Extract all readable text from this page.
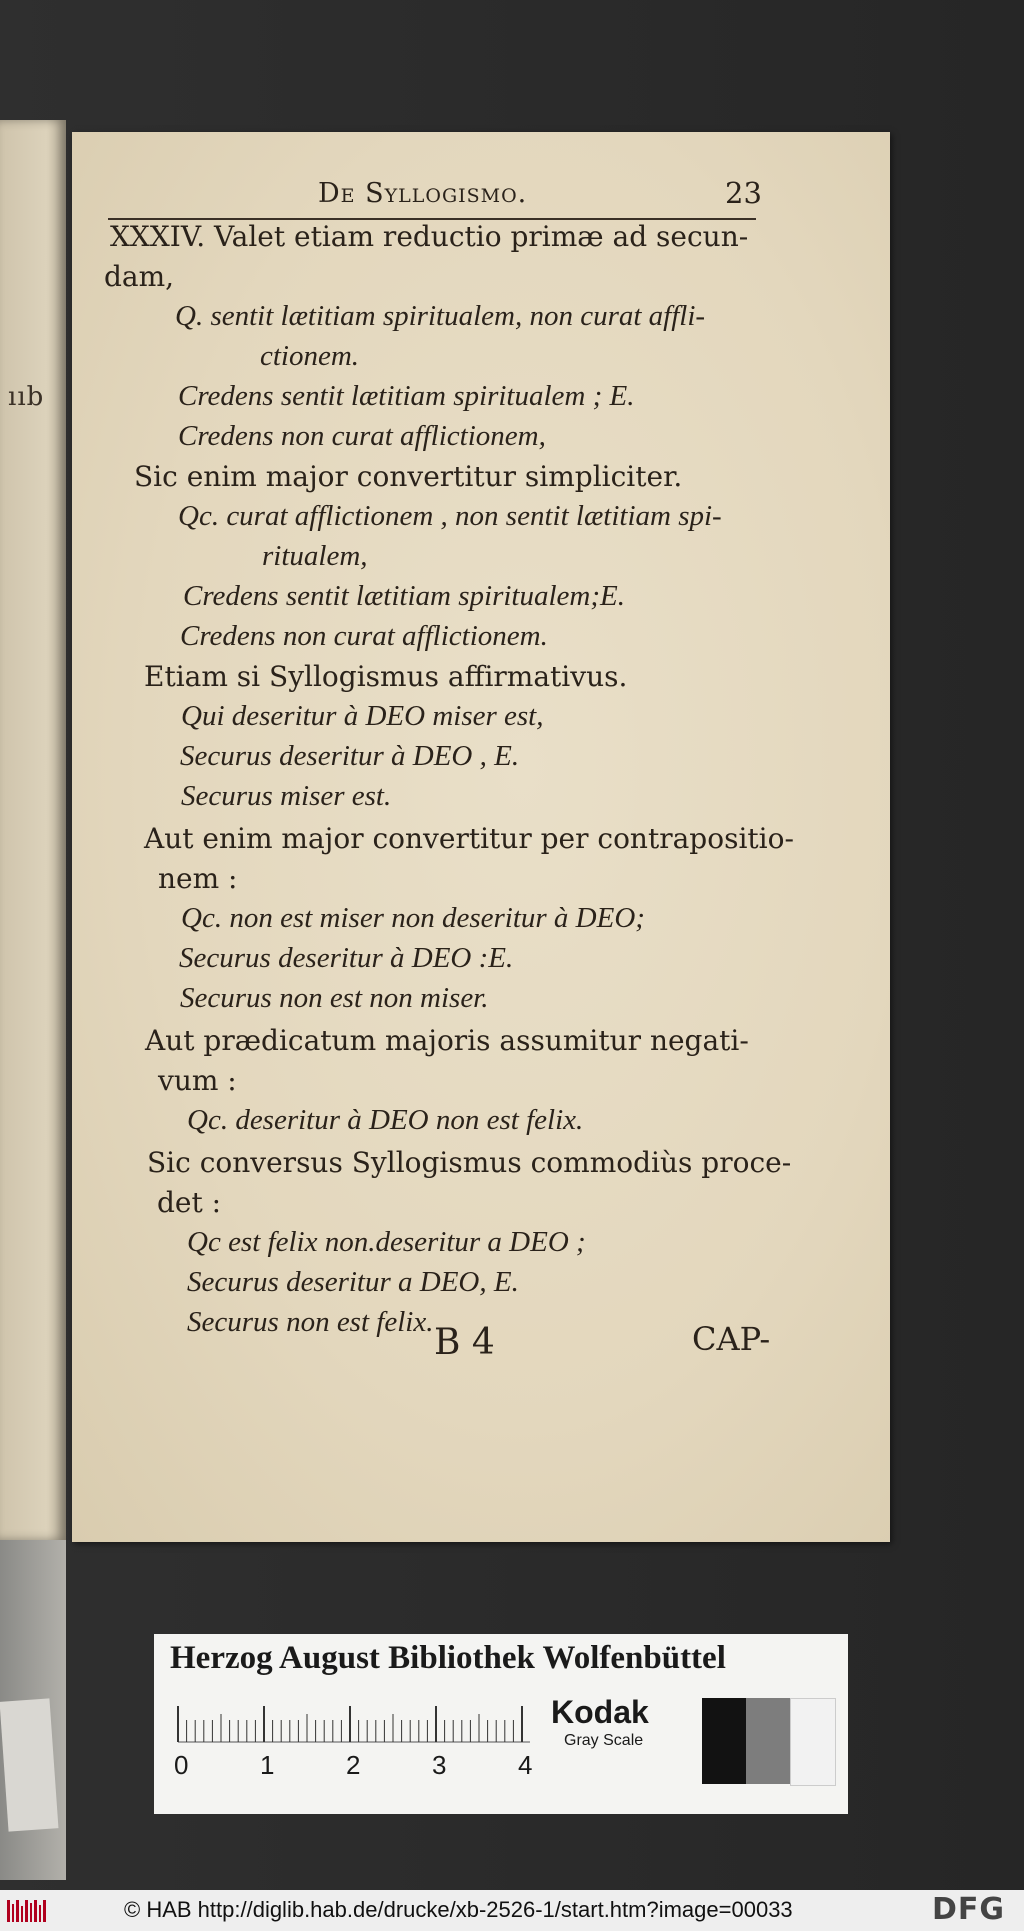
ııb
De Syllogismo.	23
XXXIV. Valet etiam reductio primæ ad secun-
dam,
Q. sentit lætitiam spiritualem, non curat affli-
ctionem.
Credens sentit lætitiam spiritualem ; E.
Credens non curat afflictionem,
Sic enim major convertitur simpliciter.
Qc. curat afflictionem , non sentit lætitiam spi-
ritualem,
Credens sentit lætitiam spiritualem;E.
Credens non curat afflictionem.
Etiam si Syllogismus affirmativus.
Qui deseritur à DEO miser est,
Securus deseritur à DEO , E.
Securus miser est.
Aut enim major convertitur per contrapositio-
nem :
Qc. non est miser non deseritur à DEO;
Securus deseritur à DEO :E.
Securus non est non miser.
Aut prædicatum majoris assumitur negati-
vum :
Qc. deseritur à DEO non est felix.
Sic conversus Syllogismus commodiùs proce-
det :
Qc est felix non.deseritur a DEO ;
Securus deseritur a DEO, E.
Securus non est felix. B 4	CAP-
Herzog August Bibliothek Wolfenbüttel
0	1	2	3	4
Kodak
Gray Scale
© HAB http://diglib.hab.de/drucke/xb-2526-1/start.htm?image=00033	DFG
